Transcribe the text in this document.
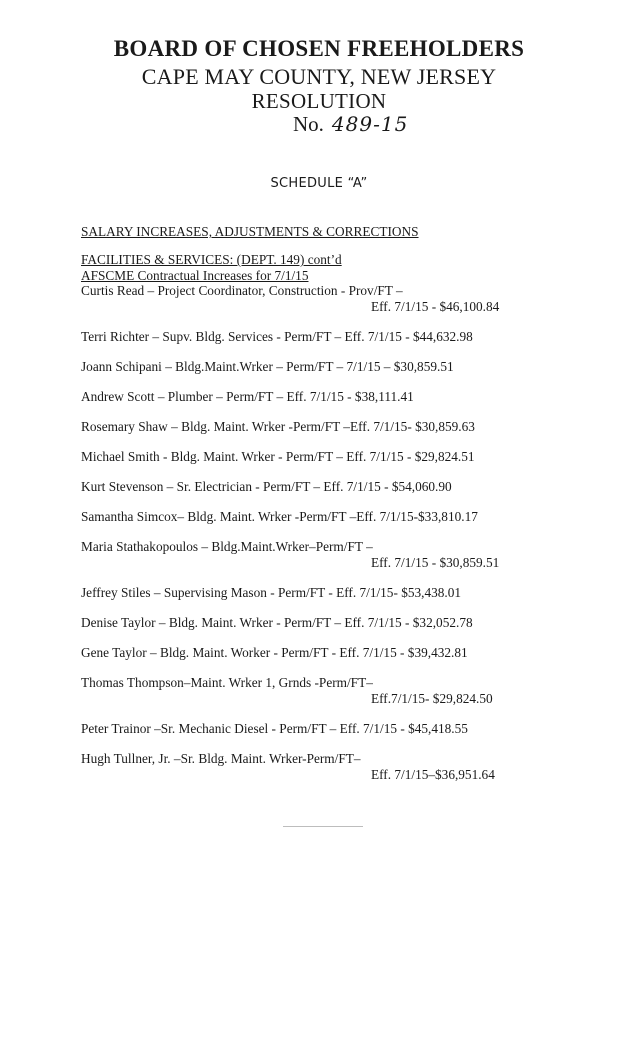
BOARD OF CHOSEN FREEHOLDERS
CAPE MAY COUNTY, NEW JERSEY
RESOLUTION
No. 489-15
SCHEDULE “A”
SALARY INCREASES, ADJUSTMENTS & CORRECTIONS
FACILITIES & SERVICES: (DEPT. 149) cont’d
AFSCME Contractual Increases for 7/1/15
Curtis Read – Project Coordinator, Construction - Prov/FT –
Eff. 7/1/15 - $46,100.84
Terri Richter – Supv. Bldg. Services - Perm/FT – Eff. 7/1/15 - $44,632.98
Joann Schipani – Bldg.Maint.Wrker – Perm/FT – 7/1/15 – $30,859.51
Andrew Scott – Plumber – Perm/FT – Eff. 7/1/15 - $38,111.41
Rosemary Shaw – Bldg. Maint. Wrker -Perm/FT –Eff. 7/1/15- $30,859.63
Michael Smith - Bldg. Maint. Wrker - Perm/FT – Eff. 7/1/15 - $29,824.51
Kurt Stevenson – Sr. Electrician - Perm/FT – Eff. 7/1/15 - $54,060.90
Samantha Simcox– Bldg. Maint. Wrker -Perm/FT –Eff. 7/1/15-$33,810.17
Maria Stathakopoulos – Bldg.Maint.Wrker–Perm/FT –
Eff. 7/1/15 - $30,859.51
Jeffrey Stiles – Supervising Mason - Perm/FT - Eff. 7/1/15- $53,438.01
Denise Taylor – Bldg. Maint. Wrker - Perm/FT – Eff. 7/1/15 - $32,052.78
Gene Taylor – Bldg. Maint. Worker - Perm/FT - Eff. 7/1/15 - $39,432.81
Thomas Thompson–Maint. Wrker 1, Grnds -Perm/FT–
Eff.7/1/15- $29,824.50
Peter Trainor –Sr. Mechanic Diesel - Perm/FT – Eff. 7/1/15 - $45,418.55
Hugh Tullner, Jr. –Sr. Bldg. Maint. Wrker-Perm/FT–
Eff. 7/1/15–$36,951.64
